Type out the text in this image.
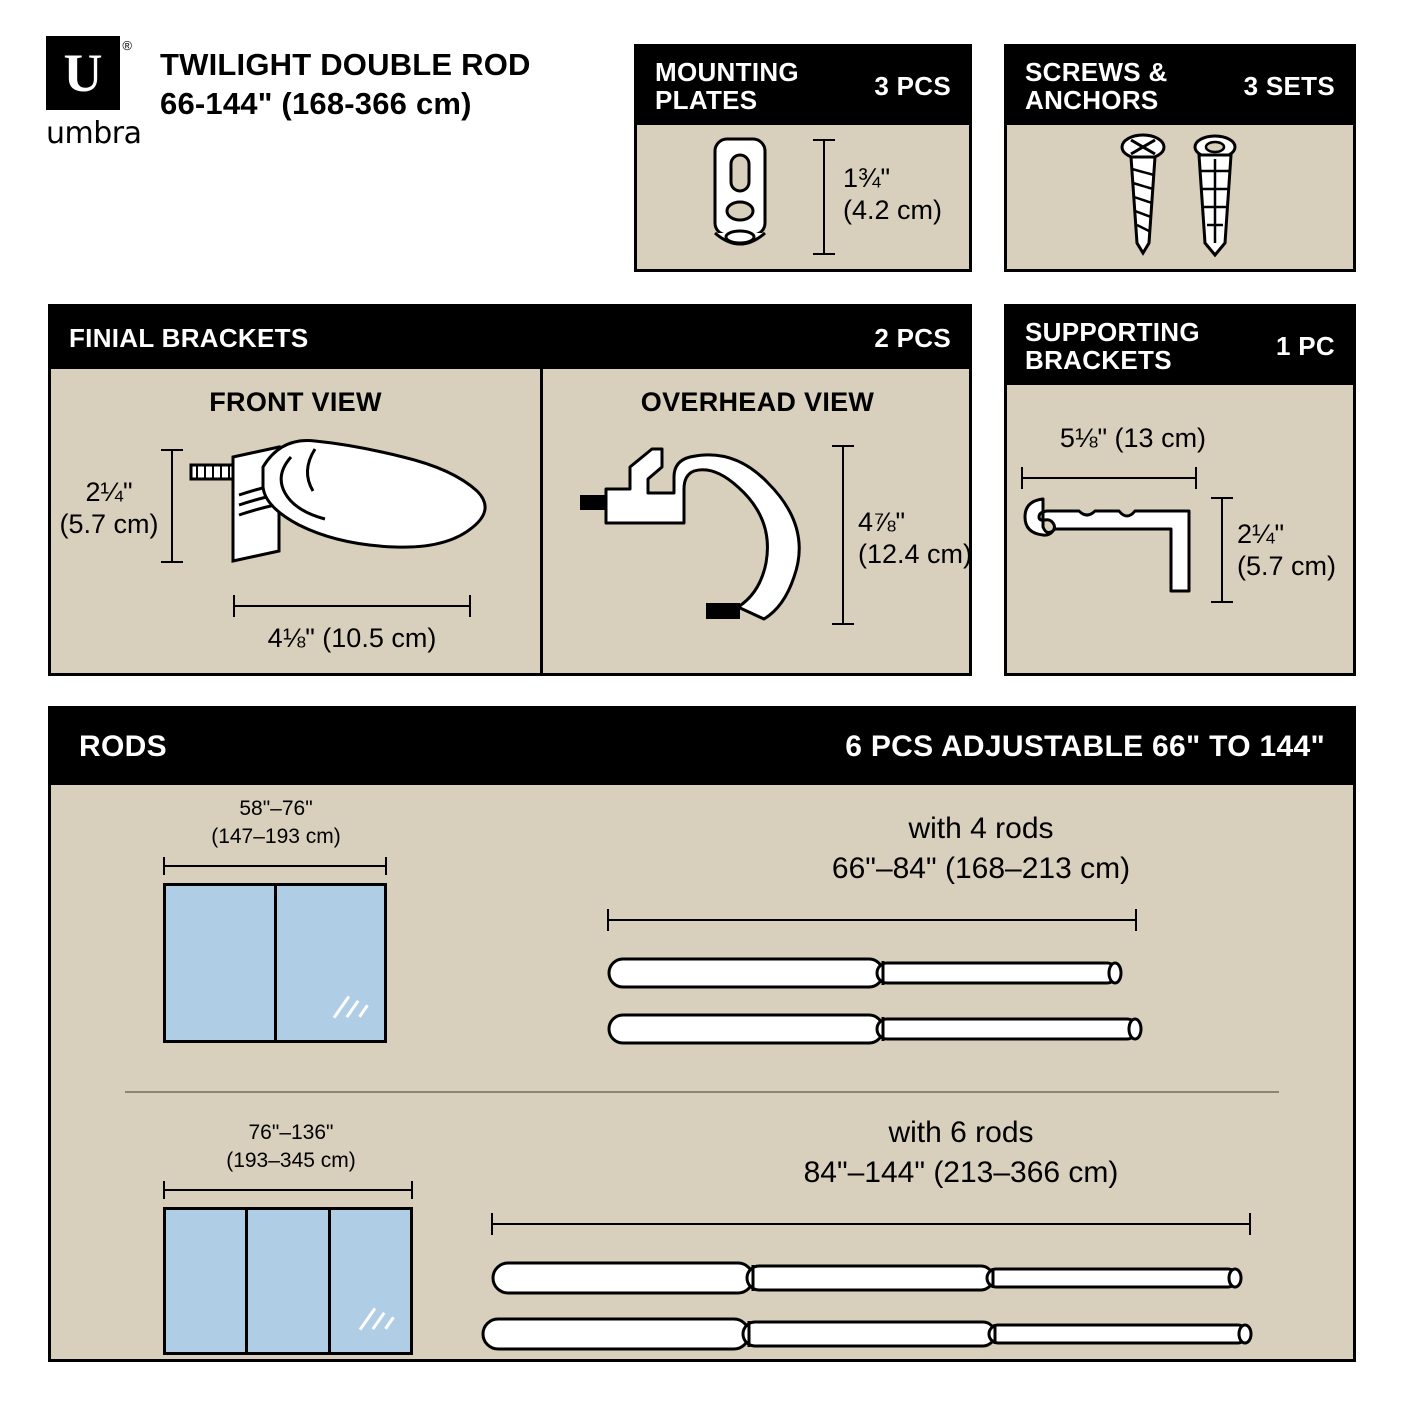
U ®
umbra
TWILIGHT DOUBLE ROD
66-144" (168-366 cm)
MOUNTING PLATES	3 PCS
1¾"
(4.2 cm)
SCREWS & ANCHORS	3 SETS
FINIAL BRACKETS	2 PCS
FRONT VIEW
2¼"
(5.7 cm)
4⅛" (10.5 cm)
OVERHEAD VIEW
4⅞"
(12.4 cm)
SUPPORTING BRACKETS	1 PC
5⅛" (13 cm)
2¼"
(5.7 cm)
RODS	6 PCS ADJUSTABLE 66" TO 144"
58"–76"
(147–193 cm)	with 4 rods
66"–84" (168–213 cm)
76"–136"
(193–345 cm)
with 6 rods
84"–144" (213–366 cm)
